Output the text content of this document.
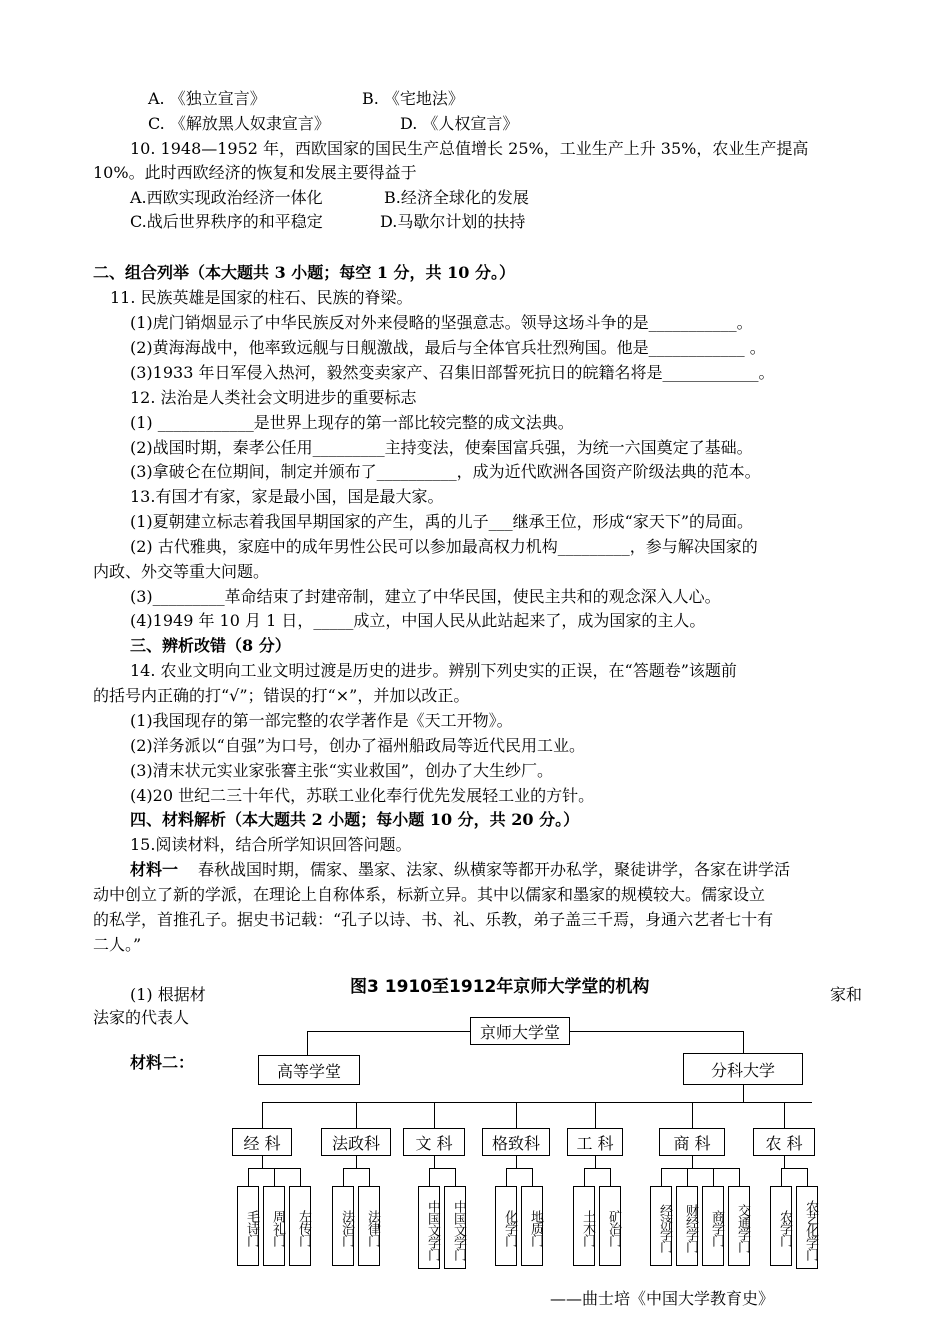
A. 《独立宣言》	B. 《宅地法》
C. 《解放黑人奴隶宣言》	D. 《人权宣言》
10. 1948—1952 年，西欧国家的国民生产总值增长 25%，工业生产上升 35%，农业生产提高
10%。此时西欧经济的恢复和发展主要得益于
A.西欧实现政治经济一体化	B.经济全球化的发展
C.战后世界秩序的和平稳定	D.马歇尔计划的扶持
二、组合列举（本大题共 3 小题；每空 1 分，共 10 分。）
11. 民族英雄是国家的柱石、民族的脊梁。
(1)虎门销烟显示了中华民族反对外来侵略的坚强意志。领导这场斗争的是___________。
(2)黄海海战中，他率致远舰与日舰激战，最后与全体官兵壮烈殉国。他是____________ 。
(3)1933 年日军侵入热河，毅然变卖家产、召集旧部誓死抗日的皖籍名将是____________。
12. 法治是人类社会文明进步的重要标志
(1) ____________是世界上现存的第一部比较完整的成文法典。
(2)战国时期，秦孝公任用_________主持变法，使秦国富兵强，为统一六国奠定了基础。
(3)拿破仑在位期间，制定并颁布了__________，成为近代欧洲各国资产阶级法典的范本。
13.有国才有家，家是最小国，国是最大家。
(1)夏朝建立标志着我国早期国家的产生，禹的儿子___继承王位，形成“家天下”的局面。
(2) 古代雅典，家庭中的成年男性公民可以参加最高权力机构_________，参与解决国家的
内政、外交等重大问题。
(3)_________革命结束了封建帝制，建立了中华民国，使民主共和的观念深入人心。
(4)1949 年 10 月 1 日，_____成立，中国人民从此站起来了，成为国家的主人。
三、辨析改错（8 分）
14. 农业文明向工业文明过渡是历史的进步。辨别下列史实的正误，在“答题卷”该题前
的括号内正确的打“√”；错误的打“×”，并加以改正。
(1)我国现存的第一部完整的农学著作是《天工开物》。
(2)洋务派以“自强”为口号，创办了福州船政局等近代民用工业。
(3)清末状元实业家张謇主张“实业救国”，创办了大生纱厂。
(4)20 世纪二三十年代，苏联工业化奉行优先发展轻工业的方针。
四、材料解析（本大题共 2 小题；每小题 10 分，共 20 分。）
15.阅读材料，结合所学知识回答问题。
材料一 春秋战国时期，儒家、墨家、法家、纵横家等都开办私学，聚徒讲学，各家在讲学活
动中创立了新的学派，在理论上自称体系，标新立异。其中以儒家和墨家的规模较大。儒家设立
的私学，首推孔子。据史书记载：“孔子以诗、书、礼、乐教，弟子盖三千焉，身通六艺者七十有
二人。”
(1) 根据材	家和
法家的代表人
材料二：
图3 1910至1912年京师大学堂的机构
京师大学堂
高等学堂	分科大学
经 科	法政科	文 科	格致科	工 科	商 科	农 科
毛诗门 周礼门 左传门	法治门 法律门	中国文学门 中国文学门	化学门 地质门	土木门 矿冶门	经济学门 财经学门 商学门 交通学门	农学门 农艺化学门
——曲士培《中国大学教育史》
